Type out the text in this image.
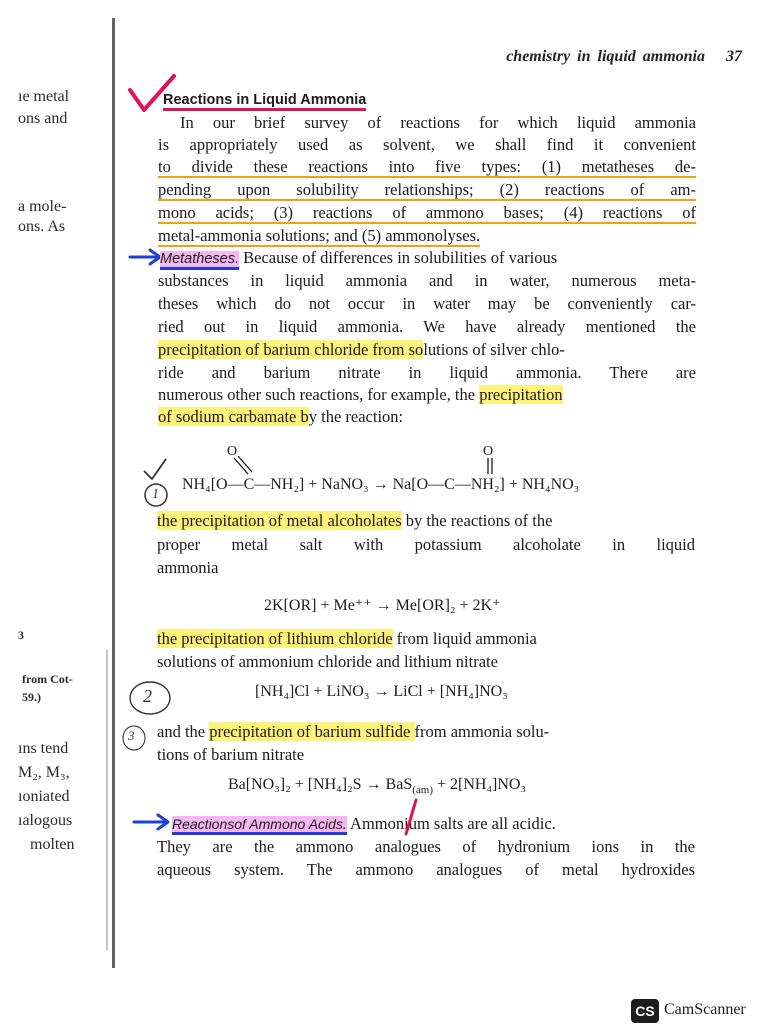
chemistry in liquid ammonia 37
ıe metal
ons and
a mole-
ons. As
3
from Cot-
59.)
ıns tend
M₂, M₃,
ıoniated
ıalogous
molten
Reactions in Liquid Ammonia
In our brief survey of reactions for which liquid ammonia
is appropriately used as solvent, we shall find it convenient
to divide these reactions into five types: (1) metatheses de-
pending upon solubility relationships; (2) reactions of am-
mono acids; (3) reactions of ammono bases; (4) reactions of
metal-ammonia solutions; and (5) ammonolyses.
Metatheses. Because of differences in solubilities of various
substances in liquid ammonia and in water, numerous meta-
theses which do not occur in water may be conveniently car-
ried out in liquid ammonia. We have already mentioned the
precipitation of barium chloride from solutions of silver chlo-
ride and barium nitrate in liquid ammonia. There are
numerous other such reactions, for example, the precipitation
of sodium carbamate by the reaction:
O	O
NH₄[O—C—NH₂] + NaNO₃ → Na[O—C—NH₂] + NH₄NO₃
1
the precipitation of metal alcoholates by the reactions of the
proper metal salt with potassium alcoholate in liquid
ammonia
2K[OR] + Me⁺⁺ → Me[OR]₂ + 2K⁺
the precipitation of lithium chloride from liquid ammonia
solutions of ammonium chloride and lithium nitrate
2	[NH₄]Cl + LiNO₃ → LiCl + [NH₄]NO₃
3 and the precipitation of barium sulfide from ammonia solu-
tions of barium nitrate
Ba[NO₃]₂ + [NH₄]₂S → BaS$_{(am)}$ + 2[NH₄]NO₃
Reactionsof Ammono Acids. Ammonium salts are all acidic.
They are the ammono analogues of hydronium ions in the
aqueous system. The ammono analogues of metal hydroxides
CS CamScanner
